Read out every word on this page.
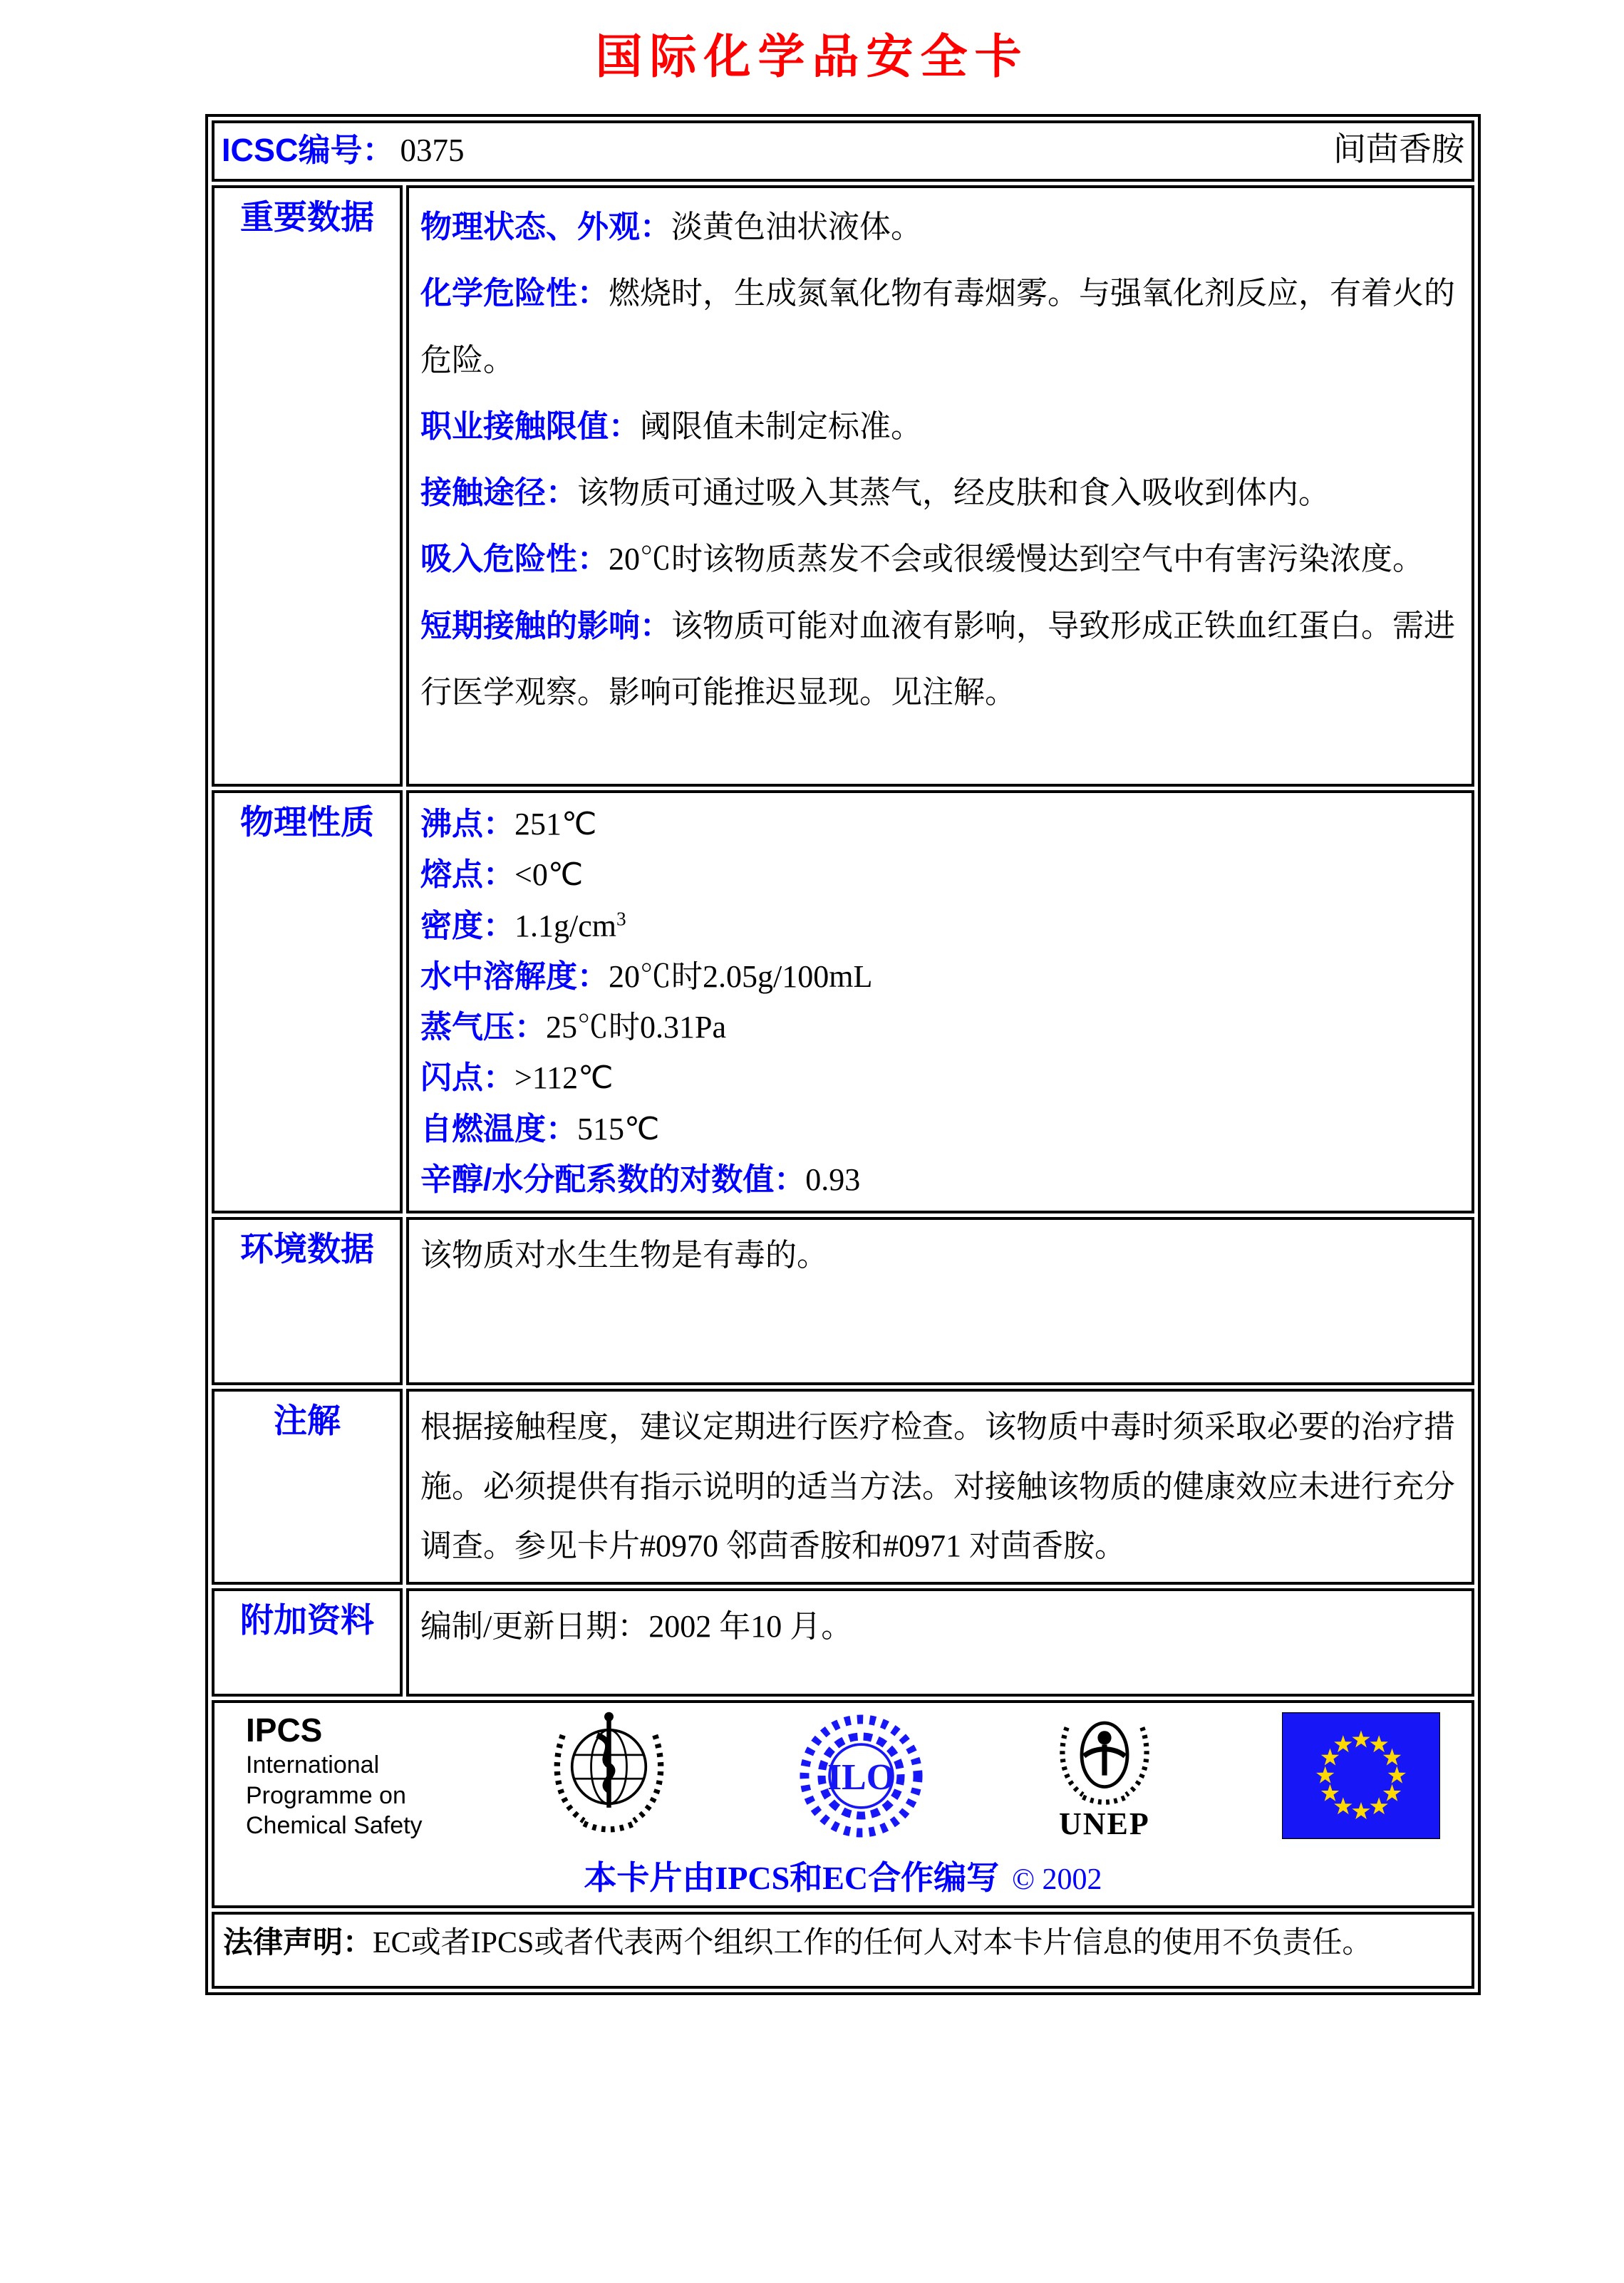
国际化学品安全卡
ICSC编号： 0375 间茴香胺	

重要数据	物理状态、外观：淡黄色油状液体。

化学危险性：燃烧时，生成氮氧化物有毒烟雾。与强氧化剂反应，有着火的危险。

职业接触限值：阈限值未制定标准。

接触途径：该物质可通过吸入其蒸气，经皮肤和食入吸收到体内。

吸入危险性：20℃时该物质蒸发不会或很缓慢达到空气中有害污染浓度。

短期接触的影响：该物质可能对血液有影响，导致形成正铁血红蛋白。需进行医学观察。影响可能推迟显现。见注解。

物理性质	沸点：251℃
熔点：<0℃
密度：$1.1g/cm^3$
水中溶解度：20℃时2.05g/100mL
蒸气压：25℃时0.31Pa
闪点：>112℃
自燃温度：515℃
辛醇/水分配系数的对数值：0.93

环境数据	该物质对水生生物是有毒的。

注解	根据接触程度，建议定期进行医疗检查。该物质中毒时须采取必要的治疗措施。必须提供有指示说明的适当方法。对接触该物质的健康效应未进行充分调查。参见卡片#0970 邻茴香胺和#0971 对茴香胺。

附加资料	编制/更新日期：2002 年10 月。

IPCS
International
Programme on
Chemical Safety
ILO
UNEP
本卡片由IPCS和EC合作编写 © 2002

法律声明：EC或者IPCS或者代表两个组织工作的任何人对本卡片信息的使用不负责任。	
